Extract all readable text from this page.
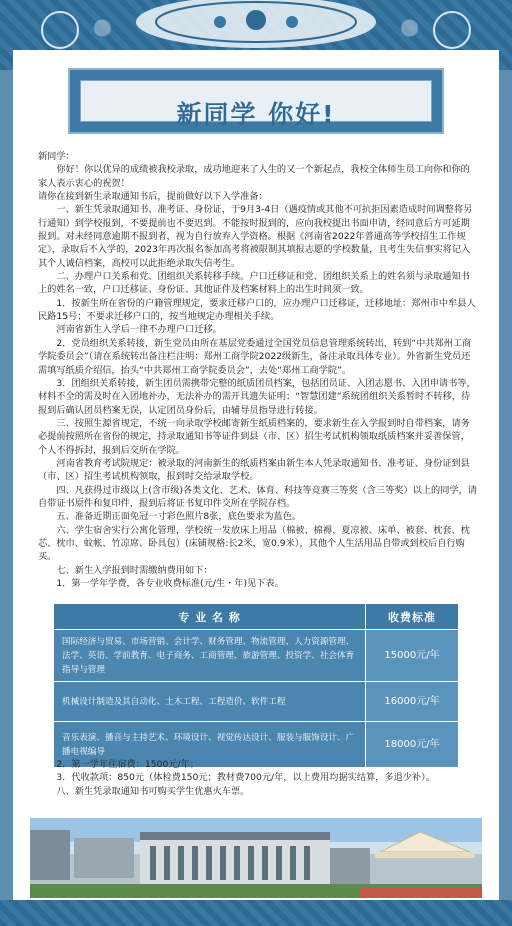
新同学 你好!

新同学：

你好！你以优异的成绩被我校录取，成功地迎来了人生的又一个新起点，我校全体师生员工向你和你的家人表示衷心的祝贺！

请你在接到新生录取通知书后，提前做好以下入学准备：

一、新生凭录取通知书、准考证、身份证，于9月3-4日（遇疫情或其他不可抗拒因素造成时间调整将另行通知）到学校报到，不要提前也不要迟到。不能按时报到的，应向我校提出书面申请，经同意后方可延期报到。对未经同意逾期不报到者，视为自行放弃入学资格。根据《河南省2022年普通高等学校招生工作规定》，录取后不入学的，2023年再次报名参加高考将被限制其填报志愿的学校数量，且考生失信事实将记入其个人诚信档案，高校可以此拒绝录取失信考生。

二、办理户口关系和党、团组织关系转移手续。户口迁移证和党、团组织关系上的姓名须与录取通知书上的姓名一致，户口迁移证、身份证、其他证件及档案材料上的出生时间须一致。

1．按新生所在省份的户籍管理规定，要求迁移户口的，应办理户口迁移证，迁移地址：郑州市中牟县人民路15号；不要求迁移户口的，按当地规定办理相关手续。

河南省新生入学后一律不办理户口迁移。

2．党员组织关系转接，新生党员由所在基层党委通过全国党员信息管理系统转出，转到“中共郑州工商学院委员会”（请在系统转出备注栏注明：郑州工商学院2022级新生，备注录取具体专业）。外省新生党员还需填写纸质介绍信，抬头“中共郑州工商学院委员会”，去处“郑州工商学院”。

3．团组织关系转接，新生团员需携带完整的纸质团员档案，包括团员证、入团志愿书、入团申请书等，材料不全的需及时在入团地补办，无法补办的需开具遗失证明；“智慧团建”系统团组织关系暂时不转移，待报到后确认团员档案无误，认定团员身份后，由辅导员指导进行转接。

三、按照生源省规定，不统一向录取学校邮寄新生纸质档案的，要求新生在入学报到时自带档案，请务必提前按照所在省份的规定，持录取通知书等证件到县（市、区）招生考试机构领取纸质档案并妥善保管，个人不得拆封，报到后交所在学院。

河南省教育考试院规定：被录取的河南新生的纸质档案由新生本人凭录取通知书、准考证、身份证到县（市、区）招生考试机构领取，报到时交给录取学校。

四、凡获得过市级以上(含市级)各类文化、艺术、体育、科技等竞赛三等奖（含三等奖）以上的同学，请自带证书原件和复印件，报到后将证书复印件交所在学院存档。

五、准备近期正面免冠一寸彩色照片8张，底色要求为蓝色。

六、学生宿舍实行公寓化管理，学校统一发放床上用品（棉被、棉褥、夏凉被、床单、被套、枕套、枕芯、枕巾、蚊帐、竹凉席、卧具包）(床铺规格:长2米，宽0.9米），其他个人生活用品自带或到校后自行购买。

七、新生入学报到时需缴纳费用如下：

1．第一学年学费，各专业收费标准(元/生・年)见下表。

专 业 名 称	收费标准
国际经济与贸易、市场营销、会计学、财务管理、物流管理、人力资源管理、法学、英语、学前教育、电子商务、工商管理、旅游管理、投资学、社会体育指导与管理	15000元/年
机械设计制造及其自动化、土木工程、工程造价、软件工程	16000元/年
音乐表演、播音与主持艺术、环境设计、视觉传达设计、服装与服饰设计、广播电视编导	18000元/年

2．第一学年住宿费：1500元/年；

3．代收款项：850元（体检费150元；教材费700元/年，以上费用均据实结算，多退少补）。

八、新生凭录取通知书可购买学生优惠火车票。
